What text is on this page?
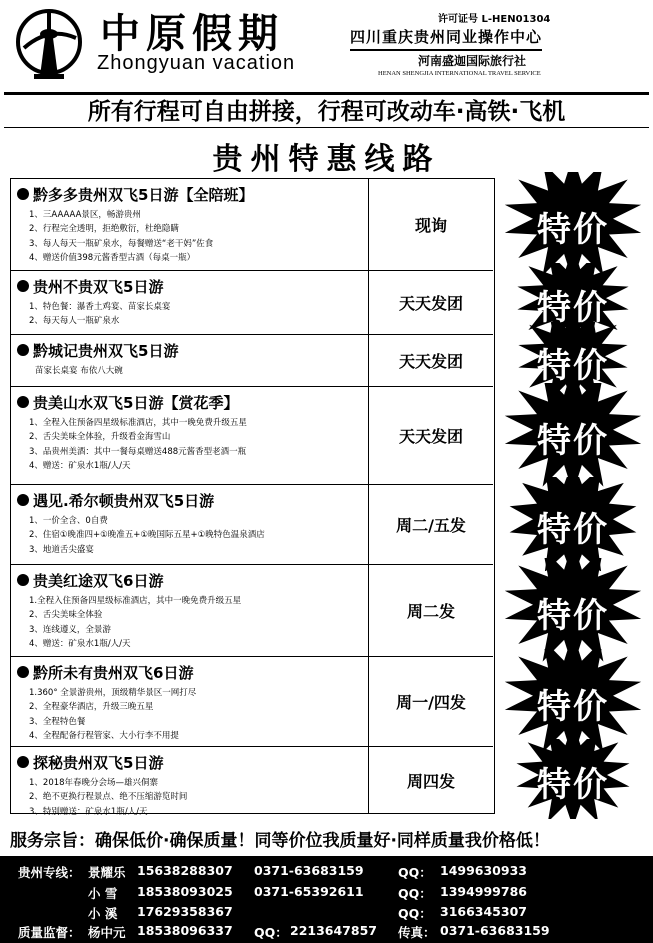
中原假期
Zhongyuan vacation
许可证号 L-HEN01304
四川重庆贵州同业操作中心
河南盛迦国际旅行社
HENAN SHENGJIA INTERNATIONAL TRAVEL SERVICE
所有行程可自由拼接，行程可改动车·高铁·飞机
贵州特惠线路
黔多多贵州双飞5日游【全陪班】
1、三AAAAA景区，畅游贵州
2、行程完全透明，拒绝敷衍，杜绝隐瞒
3、每人每天一瓶矿泉水，每餐赠送“老干妈”佐食
4、赠送价值398元酱香型古酒（每桌一瓶）
现询
贵州不贵双飞5日游
1、特色餐：瀑香土鸡宴、苗家长桌宴
2、每天每人一瓶矿泉水
天天发团
黔城记贵州双飞5日游
苗家长桌宴 布依八大碗	天天发团
贵美山水双飞5日游【赏花季】
1、全程入住预备四星级标准酒店，其中一晚免费升级五星
2、舌尖美味全体验，升级看金海雪山
3、品贵州美酒：其中一餐每桌赠送488元酱香型老酒一瓶
4、赠送：矿泉水1瓶/人/天
天天发团
遇见.希尔顿贵州双飞5日游
1、一价全含、0自费
2、住宿①晚准四+①晚准五+①晚国际五星+①晚特色温泉酒店
3、地道舌尖盛宴
周二/五发
贵美红途双飞6日游
1.全程入住预备四星级标准酒店，其中一晚免费升级五星
2、舌尖美味全体验
3、连线遵义，全景游
4、赠送：矿泉水1瓶/人/天
周二发
黔所未有贵州双飞6日游
1.360° 全景游贵州，顶级精华景区一网打尽
2、全程豪华酒店，升级三晚五星
3、全程特色餐
4、全程配备行程管家、大小行李不用提
周一/四发
探秘贵州双飞5日游
1、2018年春晚分会场—雄兴侗寨
2、绝不更换行程景点、绝不压缩游览时间
3、特别赠送：矿泉水1瓶/人/天
周四发
特价
特价
特价
特价
特价
特价
特价
特价
服务宗旨：确保低价·确保质量！同等价位我质量好·同样质量我价格低！
贵州专线： 景耀乐 15638288307 0371-63683159	QQ： 1499630933
小 雪 18538093025 0371-65392611	QQ： 1394999786
小 溪 17629358367	QQ： 3166345307
质量监督： 杨中元 18538096337 QQ： 2213647857 传真： 0371-63683159
